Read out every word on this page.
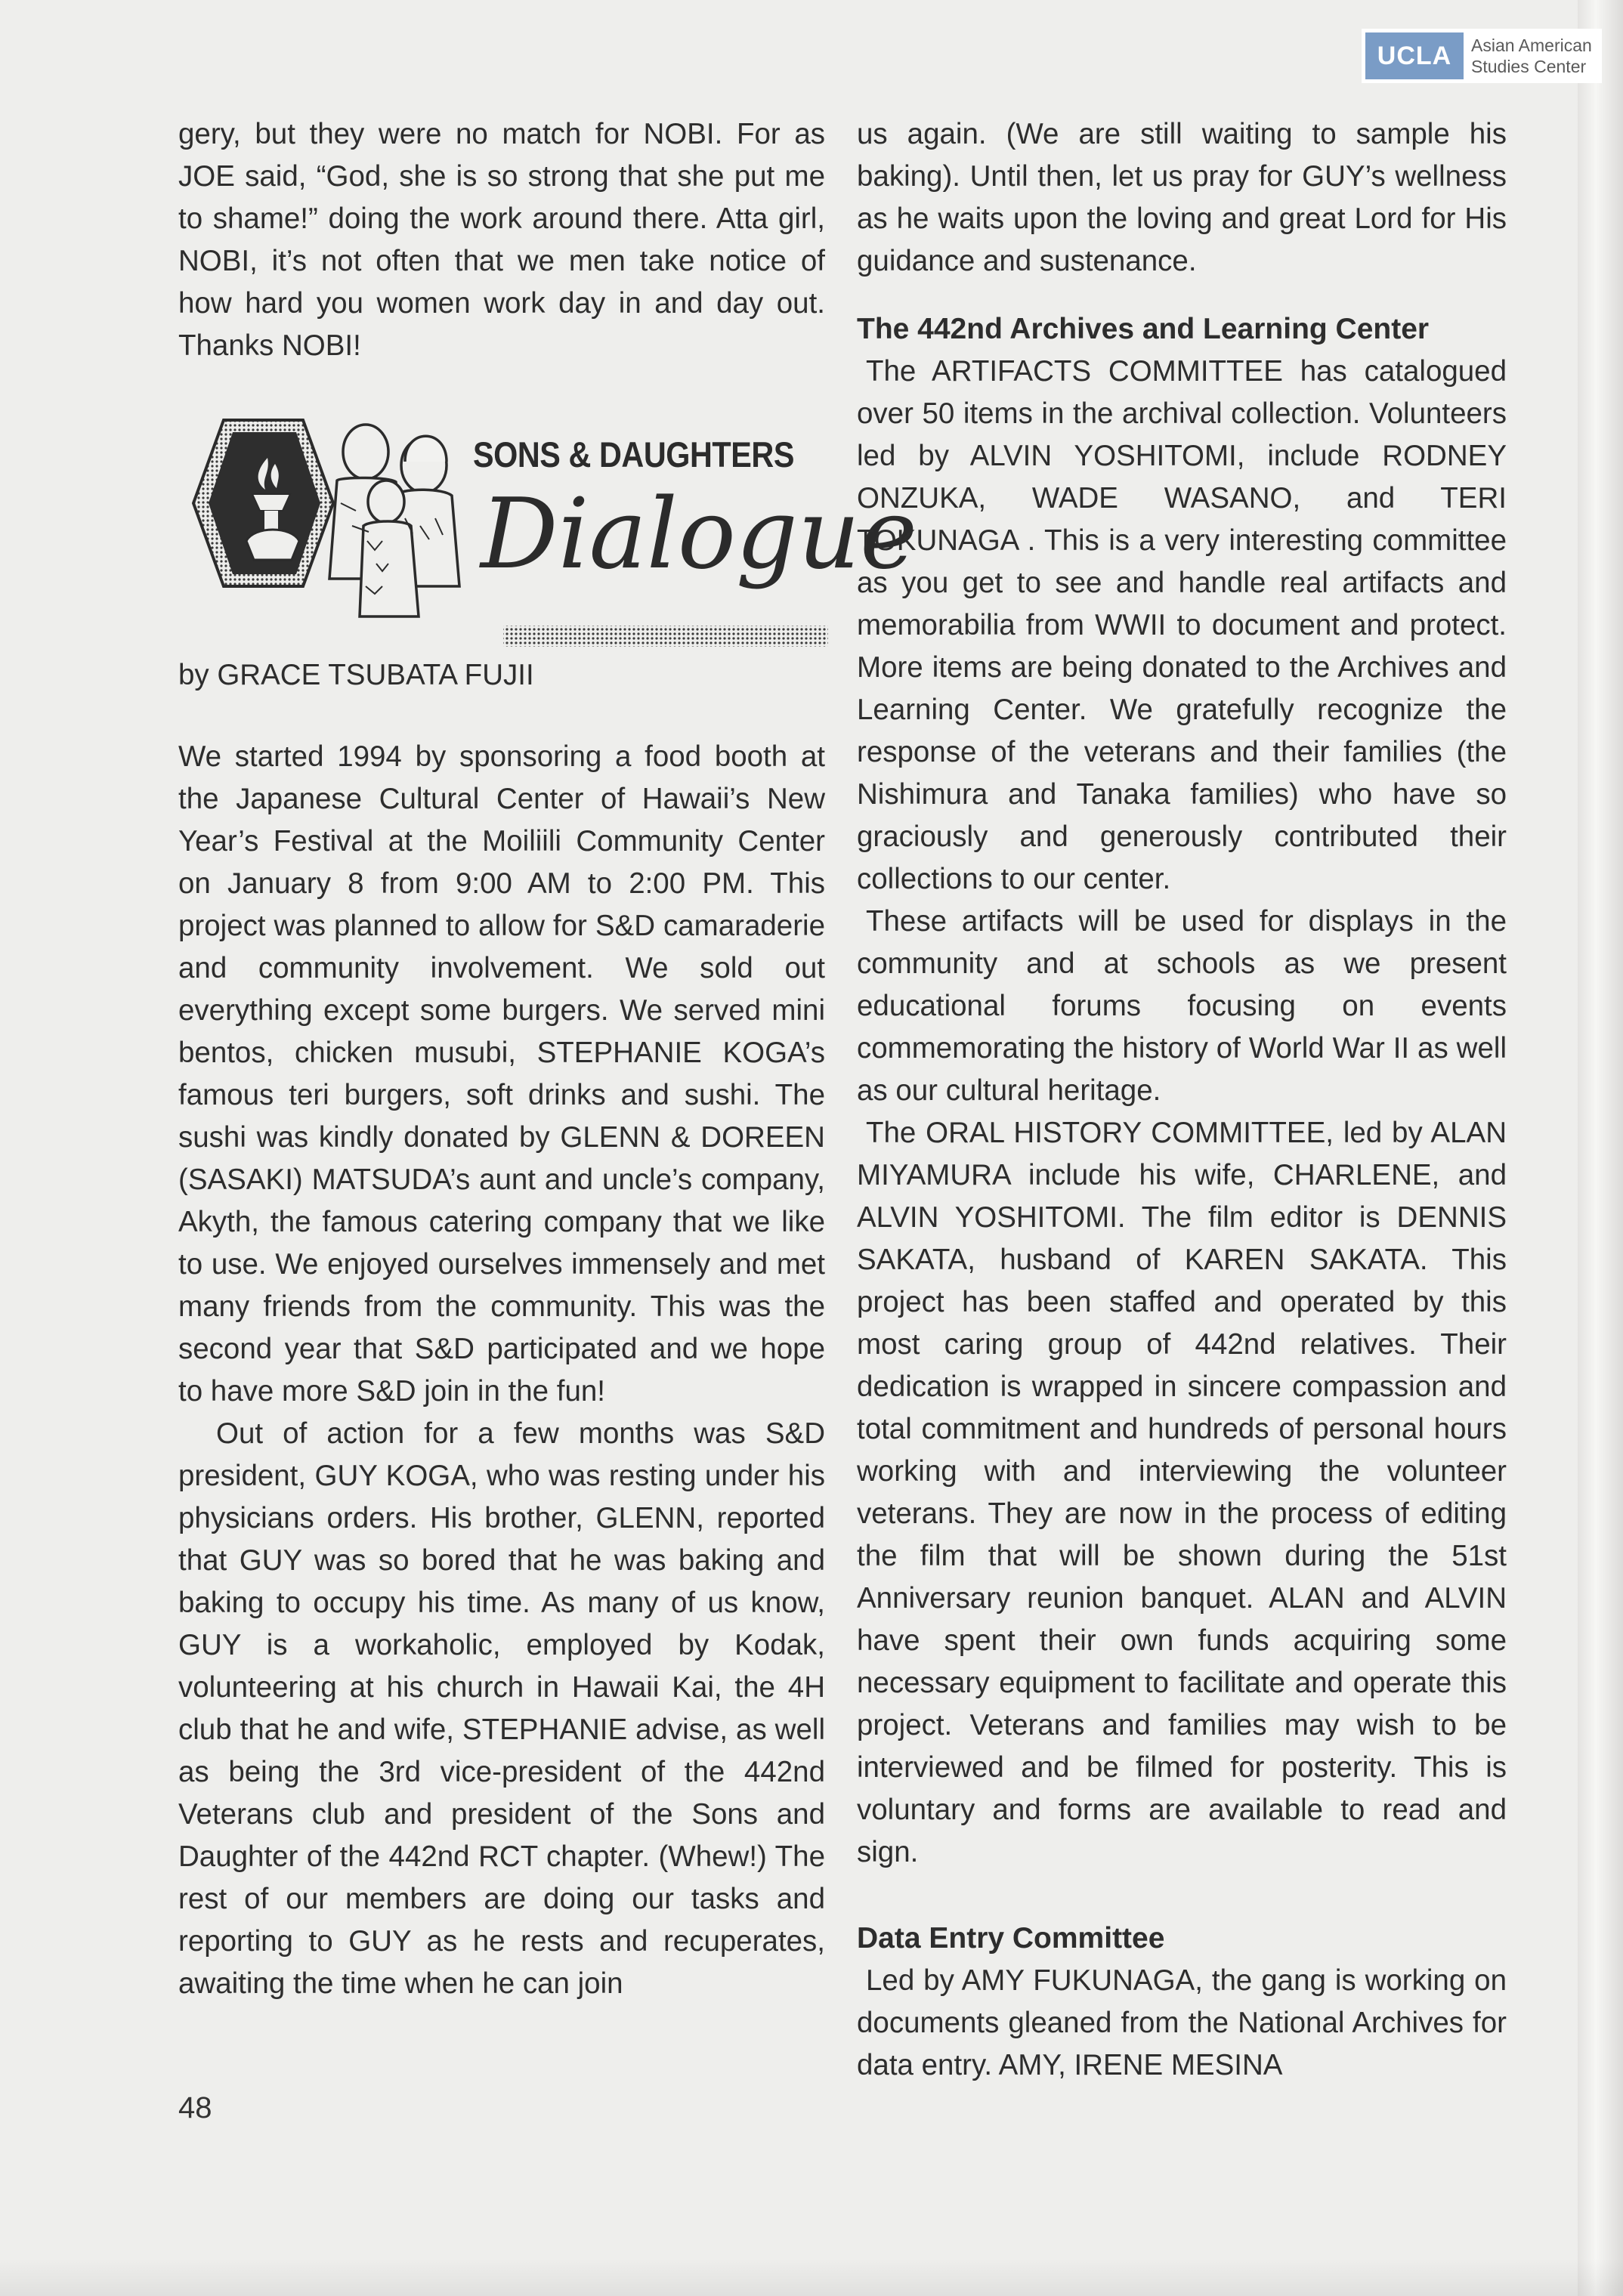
UCLA	Asian American
Studies Center

gery, but they were no match for NOBI. For as JOE said, “God, she is so strong that she put me to shame!” doing the work around there. Atta girl, NOBI, it’s not often that we men take notice of how hard you women work day in and day out. Thanks NOBI!

SONS & DAUGHTERS
Dialogue

by GRACE TSUBATA FUJII

We started 1994 by sponsoring a food booth at the Japanese Cultural Center of Hawaii’s New Year’s Festival at the Moiliili Community Center on January 8 from 9:00 AM to 2:00 PM. This project was planned to allow for S&D camaraderie and community involvement. We sold out everything except some burgers. We served mini bentos, chicken musubi, STEPHANIE KOGA’s famous teri burgers, soft drinks and sushi. The sushi was kindly donated by GLENN & DOREEN (SASAKI) MATSUDA’s aunt and uncle’s company, Akyth, the famous catering company that we like to use. We enjoyed ourselves immensely and met many friends from the community. This was the second year that S&D participated and we hope to have more S&D join in the fun!

Out of action for a few months was S&D president, GUY KOGA, who was resting under his physicians orders. His brother, GLENN, reported that GUY was so bored that he was baking and baking to occupy his time. As many of us know, GUY is a workaholic, employed by Kodak, volunteering at his church in Hawaii Kai, the 4H club that he and wife, STEPHANIE advise, as well as being the 3rd vice-president of the 442nd Veterans club and president of the Sons and Daughter of the 442nd RCT chapter. (Whew!) The rest of our members are doing our tasks and reporting to GUY as he rests and recuperates, awaiting the time when he can join

us again. (We are still waiting to sample his baking). Until then, let us pray for GUY’s wellness as he waits upon the loving and great Lord for His guidance and sustenance.

The 442nd Archives and Learning Center

The ARTIFACTS COMMITTEE has catalogued over 50 items in the archival collection. Volunteers led by ALVIN YOSHITOMI, include RODNEY ONZUKA, WADE WASANO, and TERI TOKUNAGA . This is a very interesting committee as you get to see and handle real artifacts and memorabilia from WWII to document and protect. More items are being donated to the Archives and Learning Center. We gratefully recognize the response of the veterans and their families (the Nishimura and Tanaka families) who have so graciously and generously contributed their collections to our center.

These artifacts will be used for displays in the community and at schools as we present educational forums focusing on events commemorating the history of World War II as well as our cultural heritage.

The ORAL HISTORY COMMITTEE, led by ALAN MIYAMURA include his wife, CHARLENE, and ALVIN YOSHITOMI. The film editor is DENNIS SAKATA, husband of KAREN SAKATA. This project has been staffed and operated by this most caring group of 442nd relatives. Their dedication is wrapped in sincere compassion and total commitment and hundreds of personal hours working with and interviewing the volunteer veterans. They are now in the process of editing the film that will be shown during the 51st Anniversary reunion banquet. ALAN and ALVIN have spent their own funds acquiring some necessary equipment to facilitate and operate this project. Veterans and families may wish to be interviewed and be filmed for posterity. This is voluntary and forms are available to read and sign.

Data Entry Committee

Led by AMY FUKUNAGA, the gang is working on documents gleaned from the National Archives for data entry. AMY, IRENE MESINA

48
